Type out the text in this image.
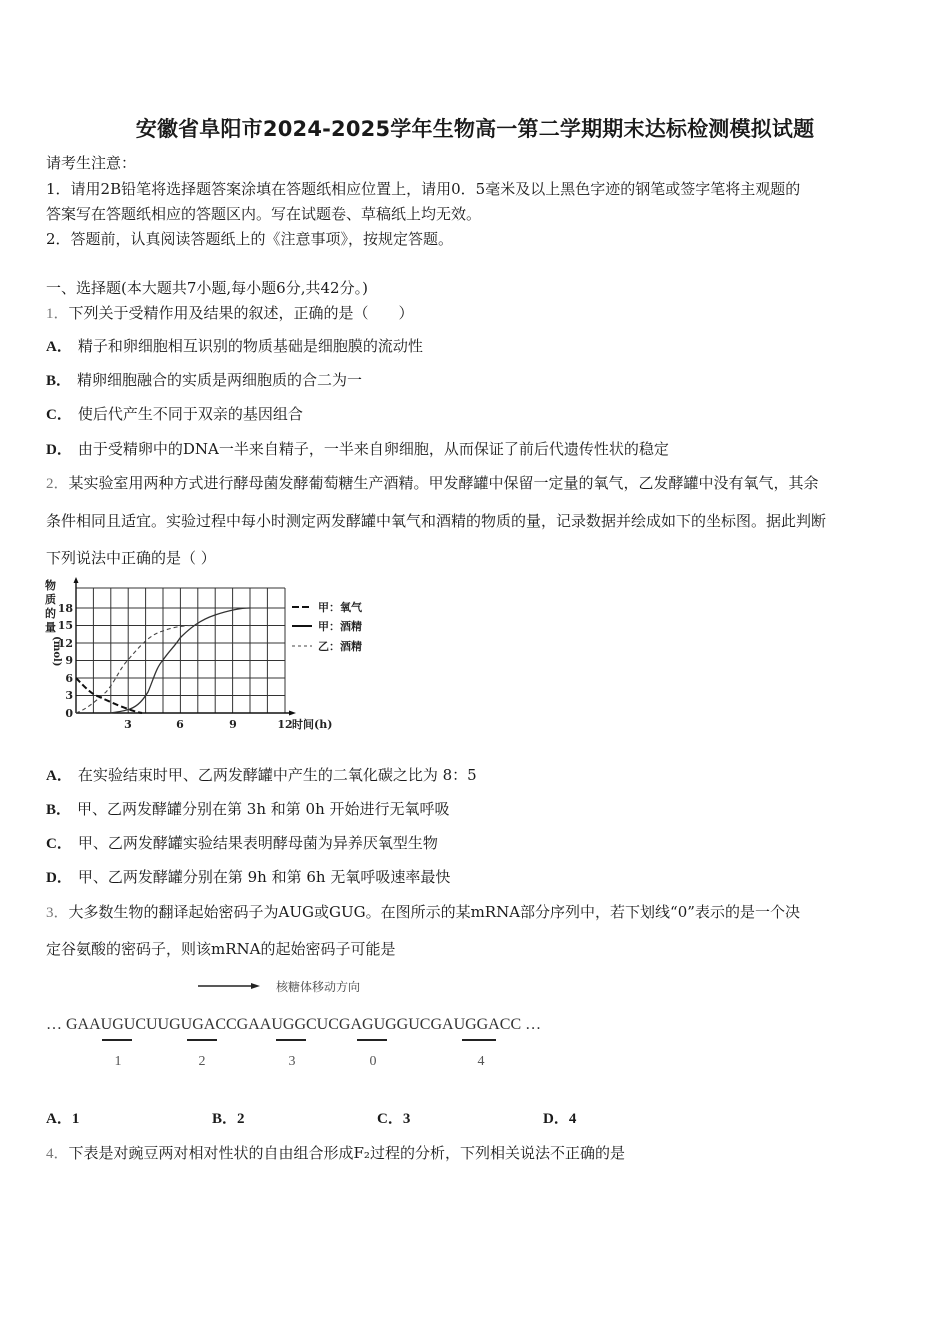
安徽省阜阳市2024-2025学年生物高一第二学期期末达标检测模拟试题
请考生注意：
1．请用2B铅笔将选择题答案涂填在答题纸相应位置上，请用0．5毫米及以上黑色字迹的钢笔或签字笔将主观题的
答案写在答题纸相应的答题区内。写在试题卷、草稿纸上均无效。
2．答题前，认真阅读答题纸上的《注意事项》，按规定答题。
一、选择题(本大题共7小题,每小题6分,共42分。)
1．下列关于受精作用及结果的叙述，正确的是（　　）
A． 精子和卵细胞相互识别的物质基础是细胞膜的流动性
B． 精卵细胞融合的实质是两细胞质的合二为一
C． 使后代产生不同于双亲的基因组合
D． 由于受精卵中的DNA一半来自精子，一半来自卵细胞，从而保证了前后代遗传性状的稳定
2．某实验室用两种方式进行酵母菌发酵葡萄糖生产酒精。甲发酵罐中保留一定量的氧气，乙发酵罐中没有氧气，其余
条件相同且适宜。实验过程中每小时测定两发酵罐中氧气和酒精的物质的量，记录数据并绘成如下的坐标图。据此判断
下列说法中正确的是（ ）
0
3
6
9
12
15
18
3	6	9	12 时间(h)
物
质
的
量
(mol)
甲：氧气
甲：酒精
乙：酒精
A． 在实验结束时甲、乙两发酵罐中产生的二氧化碳之比为 8：5
B． 甲、乙两发酵罐分别在第 3h 和第 0h 开始进行无氧呼吸
C． 甲、乙两发酵罐实验结果表明酵母菌为异养厌氧型生物
D． 甲、乙两发酵罐分别在第 9h 和第 6h 无氧呼吸速率最快
3．大多数生物的翻译起始密码子为AUG或GUG。在图所示的某mRNA部分序列中，若下划线“0”表示的是一个决
定谷氨酸的密码子，则该mRNA的起始密码子可能是
核糖体移动方向
… GAAUGUCUUGUGACCGAAUGGCUCGAGUGGUCGAUGGACC …
1	2	3	0	4
A．1	B．2	C．3	D．4
4．下表是对豌豆两对相对性状的自由组合形成F₂过程的分析，下列相关说法不正确的是
